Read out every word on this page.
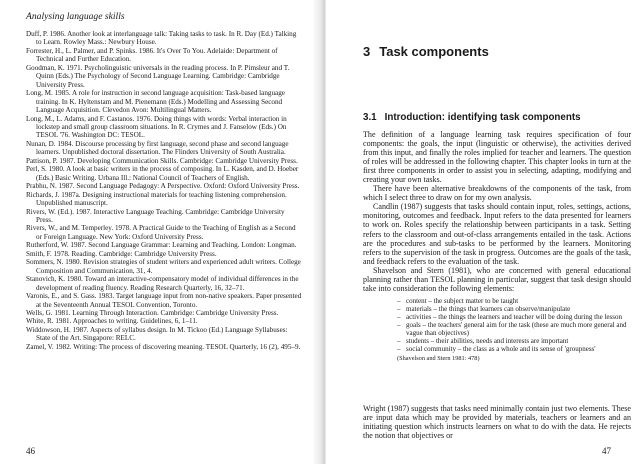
Analysing language skills

Duff, P. 1986. Another look at interlanguage talk: Taking tasks to task. In R. Day (Ed.) Talking to Learn. Rowley Mass.: Newbury House.

Forrester, H., L. Palmer, and P. Spinks. 1986. It's Over To You. Adelaide: Department of Technical and Further Education.

Goodman, K. 1971. Psycholinguistic universals in the reading process. In P. Pimsleur and T. Quinn (Eds.) The Psychology of Second Language Learning. Cambridge: Cambridge University Press.

Long, M. 1985. A role for instruction in second language acquisition: Task-based language training. In K. Hyltenstam and M. Pienemann (Eds.) Modelling and Assessing Second Language Acquisition. Clevedon Avon: Multilingual Matters.

Long, M., L. Adams, and F. Castanos. 1976. Doing things with words: Verbal interaction in lockstep and small group classroom situations. In R. Crymes and J. Fanselow (Eds.) On TESOL '76. Washington DC: TESOL.

Nunan, D. 1984. Discourse processing by first language, second phase and second language learners. Unpublished doctoral dissertation. The Flinders University of South Australia.

Pattison, P. 1987. Developing Communication Skills. Cambridge: Cambridge University Press.

Perl, S. 1980. A look at basic writers in the process of composing. In L. Kasden, and D. Hoeber (Eds.) Basic Writing. Urbana Ill.: National Council of Teachers of English.

Prabhu, N. 1987. Second Language Pedagogy: A Perspective. Oxford: Oxford University Press.

Richards, J. 1987a. Designing instructional materials for teaching listening comprehension. Unpublished manuscript.

Rivers, W. (Ed.). 1987. Interactive Language Teaching. Cambridge: Cambridge University Press.

Rivers, W., and M. Temperley. 1978. A Practical Guide to the Teaching of English as a Second or Foreign Language. New York: Oxford University Press.

Rutherford, W. 1987. Second Language Grammar: Learning and Teaching. London: Longman.

Smith, F. 1978. Reading. Cambridge: Cambridge University Press.

Sommers, N. 1980. Revision strategies of student writers and experienced adult writers. College Composition and Communication, 31, 4.

Stanovich, K. 1980. Toward an interactive-compensatory model of individual differences in the development of reading fluency. Reading Research Quarterly, 16, 32–71.

Varonis, E., and S. Gass. 1983. Target language input from non-native speakers. Paper presented at the Seventeenth Annual TESOL Convention, Toronto.

Wells, G. 1981. Learning Through Interaction. Cambridge: Cambridge University Press.

White, R. 1981. Approaches to writing. Guidelines, 6, 1–11.

Widdowson, H. 1987. Aspects of syllabus design. In M. Tickoo (Ed.) Language Syllabuses: State of the Art. Singapore: RELC.

Zamel, V. 1982. Writing: The process of discovering meaning. TESOL Quarterly, 16 (2), 495–9.

46
3 Task components
3.1 Introduction: identifying task components

The definition of a language learning task requires specification of four components: the goals, the input (linguistic or otherwise), the activities derived from this input, and finally the roles implied for teacher and learners. The question of roles will be addressed in the following chapter. This chapter looks in turn at the first three components in order to assist you in selecting, adapting, modifying and creating your own tasks.

There have been alternative breakdowns of the components of the task, from which I select three to draw on for my own analysis.

Candlin (1987) suggests that tasks should contain input, roles, settings, actions, monitoring, outcomes and feedback. Input refers to the data presented for learners to work on. Roles specify the relationship between participants in a task. Setting refers to the classroom and out-of-class arrangements entailed in the task. Actions are the procedures and sub-tasks to be performed by the learners. Monitoring refers to the supervision of the task in progress. Outcomes are the goals of the task, and feedback refers to the evaluation of the task.

Shavelson and Stern (1981), who are concerned with general educational planning rather than TESOL planning in particular, suggest that task design should take into consideration the following elements:

– content – the subject matter to be taught
– materials – the things that learners can observe/manipulate
– activities – the things the learners and teacher will be doing during the lesson
– goals – the teachers' general aim for the task (these are much more general and vague than objectives)
– students – their abilities, needs and interests are important
– social community – the class as a whole and its sense of 'groupness'

(Shavelson and Stern 1981: 478)

Wright (1987) suggests that tasks need minimally contain just two elements. These are input data which may be provided by materials, teachers or learners and an initiating question which instructs learners on what to do with the data. He rejects the notion that objectives or

47
